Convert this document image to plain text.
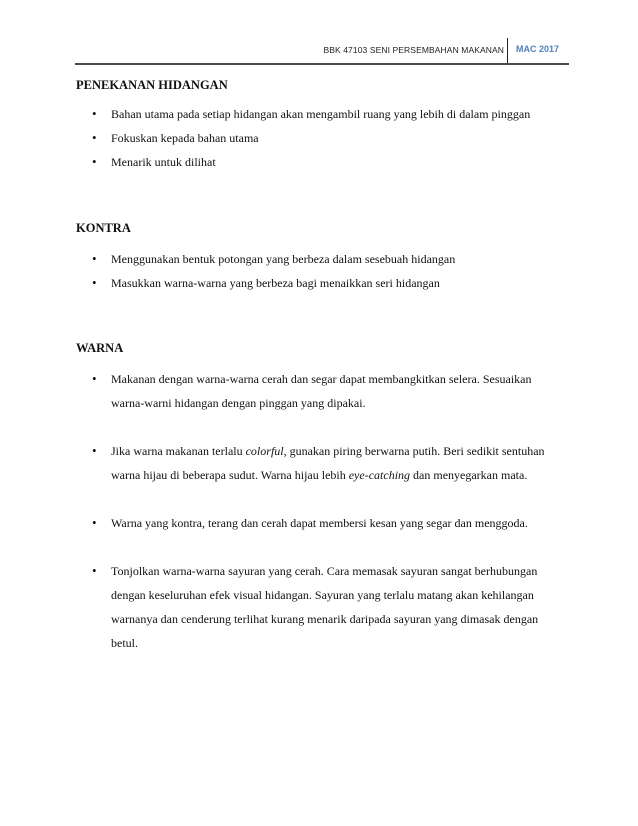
BBK 47103 SENI PERSEMBAHAN MAKANAN MAC 2017

PENEKANAN HIDANGAN

• Bahan utama pada setiap hidangan akan mengambil ruang yang lebih di dalam pinggan
• Fokuskan kepada bahan utama
• Menarik untuk dilihat

KONTRA

• Menggunakan bentuk potongan yang berbeza dalam sesebuah hidangan
• Masukkan warna-warna yang berbeza bagi menaikkan seri hidangan

WARNA

• Makanan dengan warna-warna cerah dan segar dapat membangkitkan selera. Sesuaikan warna-warni hidangan dengan pinggan yang dipakai.
• Jika warna makanan terlalu colorful, gunakan piring berwarna putih. Beri sedikit sentuhan warna hijau di beberapa sudut. Warna hijau lebih eye-catching dan menyegarkan mata.
• Warna yang kontra, terang dan cerah dapat membersi kesan yang segar dan menggoda.
• Tonjolkan warna-warna sayuran yang cerah. Cara memasak sayuran sangat berhubungan dengan keseluruhan efek visual hidangan. Sayuran yang terlalu matang akan kehilangan warnanya dan cenderung terlihat kurang menarik daripada sayuran yang dimasak dengan betul.
